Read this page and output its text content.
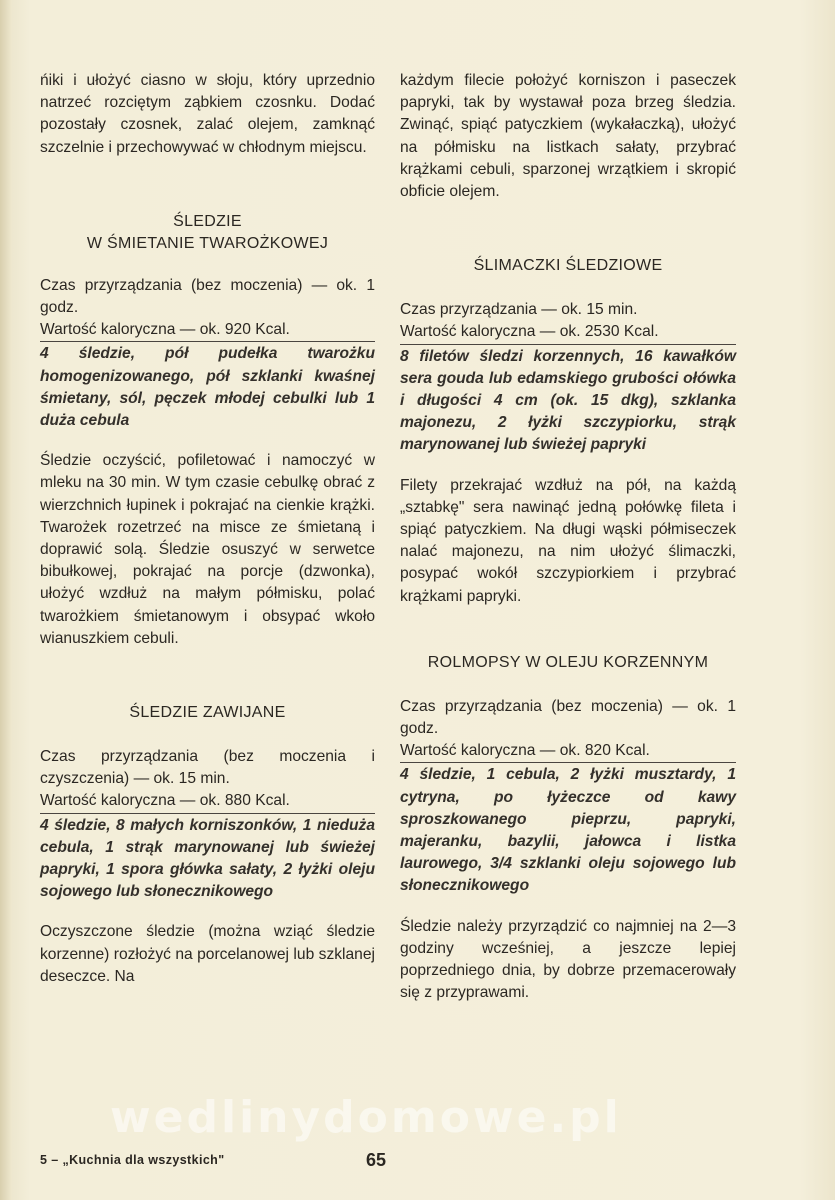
ńiki i ułożyć ciasno w słoju, który uprzednio natrzeć rozciętym ząbkiem czosnku. Dodać pozostały czosnek, zalać olejem, zamknąć szczelnie i przechowywać w chłodnym miejscu.

ŚLEDZIE

W ŚMIETANIE TWAROŻKOWEJ

Czas przyrządzania (bez moczenia) — ok. 1 godz.

Wartość kaloryczna — ok. 920 Kcal.

4 śledzie, pół pudełka twarożku homogenizowanego, pół szklanki kwaśnej śmietany, sól, pęczek młodej cebulki lub 1 duża cebula

Śledzie oczyścić, pofiletować i namoczyć w mleku na 30 min. W tym czasie cebulkę obrać z wierzchnich łupinek i pokrajać na cienkie krążki. Twarożek rozetrzeć na misce ze śmietaną i doprawić solą. Śledzie osuszyć w serwetce bibułkowej, pokrajać na porcje (dzwonka), ułożyć wzdłuż na małym półmisku, polać twarożkiem śmietanowym i obsypać wkoło wianuszkiem cebuli.

ŚLEDZIE ZAWIJANE

Czas przyrządzania (bez moczenia i czyszczenia) — ok. 15 min.

Wartość kaloryczna — ok. 880 Kcal.

4 śledzie, 8 małych korniszonków, 1 nieduża cebula, 1 strąk marynowanej lub świeżej papryki, 1 spora główka sałaty, 2 łyżki oleju sojowego lub słonecznikowego

Oczyszczone śledzie (można wziąć śledzie korzenne) rozłożyć na porcelanowej lub szklanej deseczce. Na

każdym filecie położyć korniszon i paseczek papryki, tak by wystawał poza brzeg śledzia. Zwinąć, spiąć patyczkiem (wykałaczką), ułożyć na półmisku na listkach sałaty, przybrać krążkami cebuli, sparzonej wrzątkiem i skropić obficie olejem.

ŚLIMACZKI ŚLEDZIOWE

Czas przyrządzania — ok. 15 min.

Wartość kaloryczna — ok. 2530 Kcal.

8 filetów śledzi korzennych, 16 kawałków sera gouda lub edamskiego grubości ołówka i długości 4 cm (ok. 15 dkg), szklanka majonezu, 2 łyżki szczypiorku, strąk marynowanej lub świeżej papryki

Filety przekrajać wzdłuż na pół, na każdą „sztabkę" sera nawinąć jedną połówkę fileta i spiąć patyczkiem. Na długi wąski półmiseczek nalać majonezu, na nim ułożyć ślimaczki, posypać wokół szczypiorkiem i przybrać krążkami papryki.

ROLMOPSY W OLEJU KORZENNYM

Czas przyrządzania (bez moczenia) — ok. 1 godz.

Wartość kaloryczna — ok. 820 Kcal.

4 śledzie, 1 cebula, 2 łyżki musztardy, 1 cytryna, po łyżeczce od kawy sproszkowanego pieprzu, papryki, majeranku, bazylii, jałowca i listka laurowego, 3/4 szklanki oleju sojowego lub słonecznikowego

Śledzie należy przyrządzić co najmniej na 2—3 godziny wcześniej, a jeszcze lepiej poprzedniego dnia, by dobrze przemacerowały się z przyprawami.

wedlinydomowe.pl
5 – „Kuchnia dla wszystkich"	65
